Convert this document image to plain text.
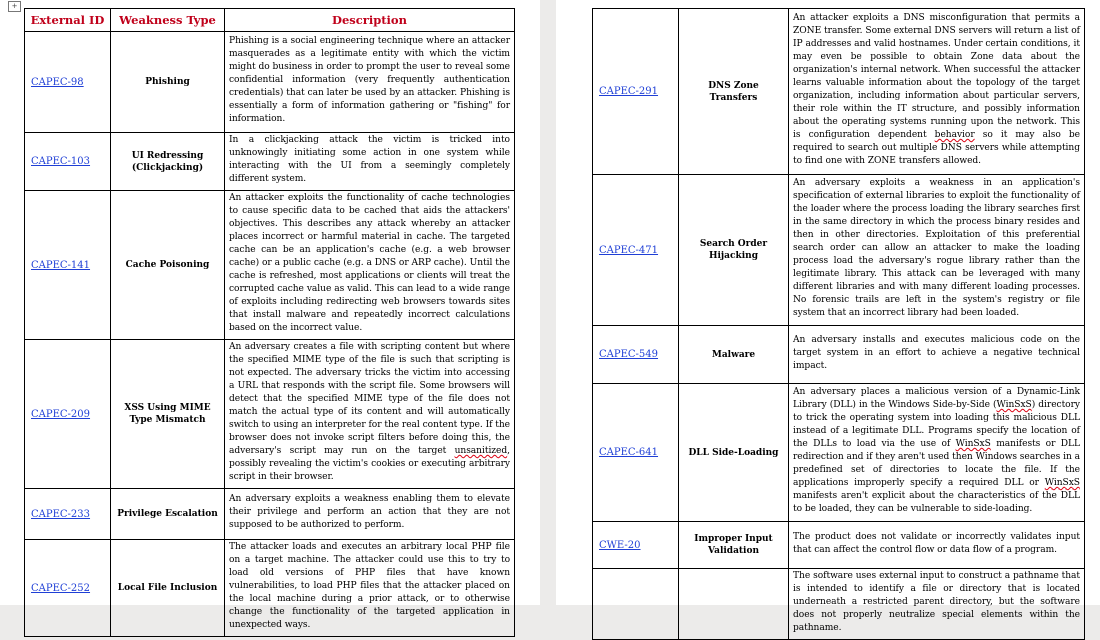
+
External ID	Weakness Type	Description
CAPEC-98	Phishing	Phishing is a social engineering technique where an attacker masquerades as a legitimate entity with which the victim might do business in order to prompt the user to reveal some confidential information (very frequently authentication credentials) that can later be used by an attacker. Phishing is essentially a form of information gathering or "fishing" for information.
CAPEC-103	UI Redressing (Clickjacking)	In a clickjacking attack the victim is tricked into unknowingly initiating some action in one system while interacting with the UI from a seemingly completely different system.
CAPEC-141	Cache Poisoning	An attacker exploits the functionality of cache technologies to cause specific data to be cached that aids the attackers' objectives. This describes any attack whereby an attacker places incorrect or harmful material in cache. The targeted cache can be an application's cache (e.g. a web browser cache) or a public cache (e.g. a DNS or ARP cache). Until the cache is refreshed, most applications or clients will treat the corrupted cache value as valid. This can lead to a wide range of exploits including redirecting web browsers towards sites that install malware and repeatedly incorrect calculations based on the incorrect value.
CAPEC-209	XSS Using MIME Type Mismatch	An adversary creates a file with scripting content but where the specified MIME type of the file is such that scripting is not expected. The adversary tricks the victim into accessing a URL that responds with the script file. Some browsers will detect that the specified MIME type of the file does not match the actual type of its content and will automatically switch to using an interpreter for the real content type. If the browser does not invoke script filters before doing this, the adversary's script may run on the target unsanitized, possibly revealing the victim's cookies or executing arbitrary script in their browser.
CAPEC-233	Privilege Escalation	An adversary exploits a weakness enabling them to elevate their privilege and perform an action that they are not supposed to be authorized to perform.
CAPEC-252	Local File Inclusion	The attacker loads and executes an arbitrary local PHP file on a target machine. The attacker could use this to try to load old versions of PHP files that have known vulnerabilities, to load PHP files that the attacker placed on the local machine during a prior attack, or to otherwise change the functionality of the targeted application in unexpected ways.
CAPEC-291	DNS Zone Transfers	An attacker exploits a DNS misconfiguration that permits a ZONE transfer. Some external DNS servers will return a list of IP addresses and valid hostnames. Under certain conditions, it may even be possible to obtain Zone data about the organization's internal network. When successful the attacker learns valuable information about the topology of the target organization, including information about particular servers, their role within the IT structure, and possibly information about the operating systems running upon the network. This is configuration dependent behavior so it may also be required to search out multiple DNS servers while attempting to find one with ZONE transfers allowed.
CAPEC-471	Search Order Hijacking	An adversary exploits a weakness in an application's specification of external libraries to exploit the functionality of the loader where the process loading the library searches first in the same directory in which the process binary resides and then in other directories. Exploitation of this preferential search order can allow an attacker to make the loading process load the adversary's rogue library rather than the legitimate library. This attack can be leveraged with many different libraries and with many different loading processes. No forensic trails are left in the system's registry or file system that an incorrect library had been loaded.
CAPEC-549	Malware	An adversary installs and executes malicious code on the target system in an effort to achieve a negative technical impact.
CAPEC-641	DLL Side-Loading	An adversary places a malicious version of a Dynamic-Link Library (DLL) in the Windows Side-by-Side (WinSxS) directory to trick the operating system into loading this malicious DLL instead of a legitimate DLL. Programs specify the location of the DLLs to load via the use of WinSxS manifests or DLL redirection and if they aren't used then Windows searches in a predefined set of directories to locate the file. If the applications improperly specify a required DLL or WinSxS manifests aren't explicit about the characteristics of the DLL to be loaded, they can be vulnerable to side-loading.
CWE-20	Improper Input Validation	The product does not validate or incorrectly validates input that can affect the control flow or data flow of a program.
		The software uses external input to construct a pathname that is intended to identify a file or directory that is located underneath a restricted parent directory, but the software does not properly neutralize special elements within the pathname.
